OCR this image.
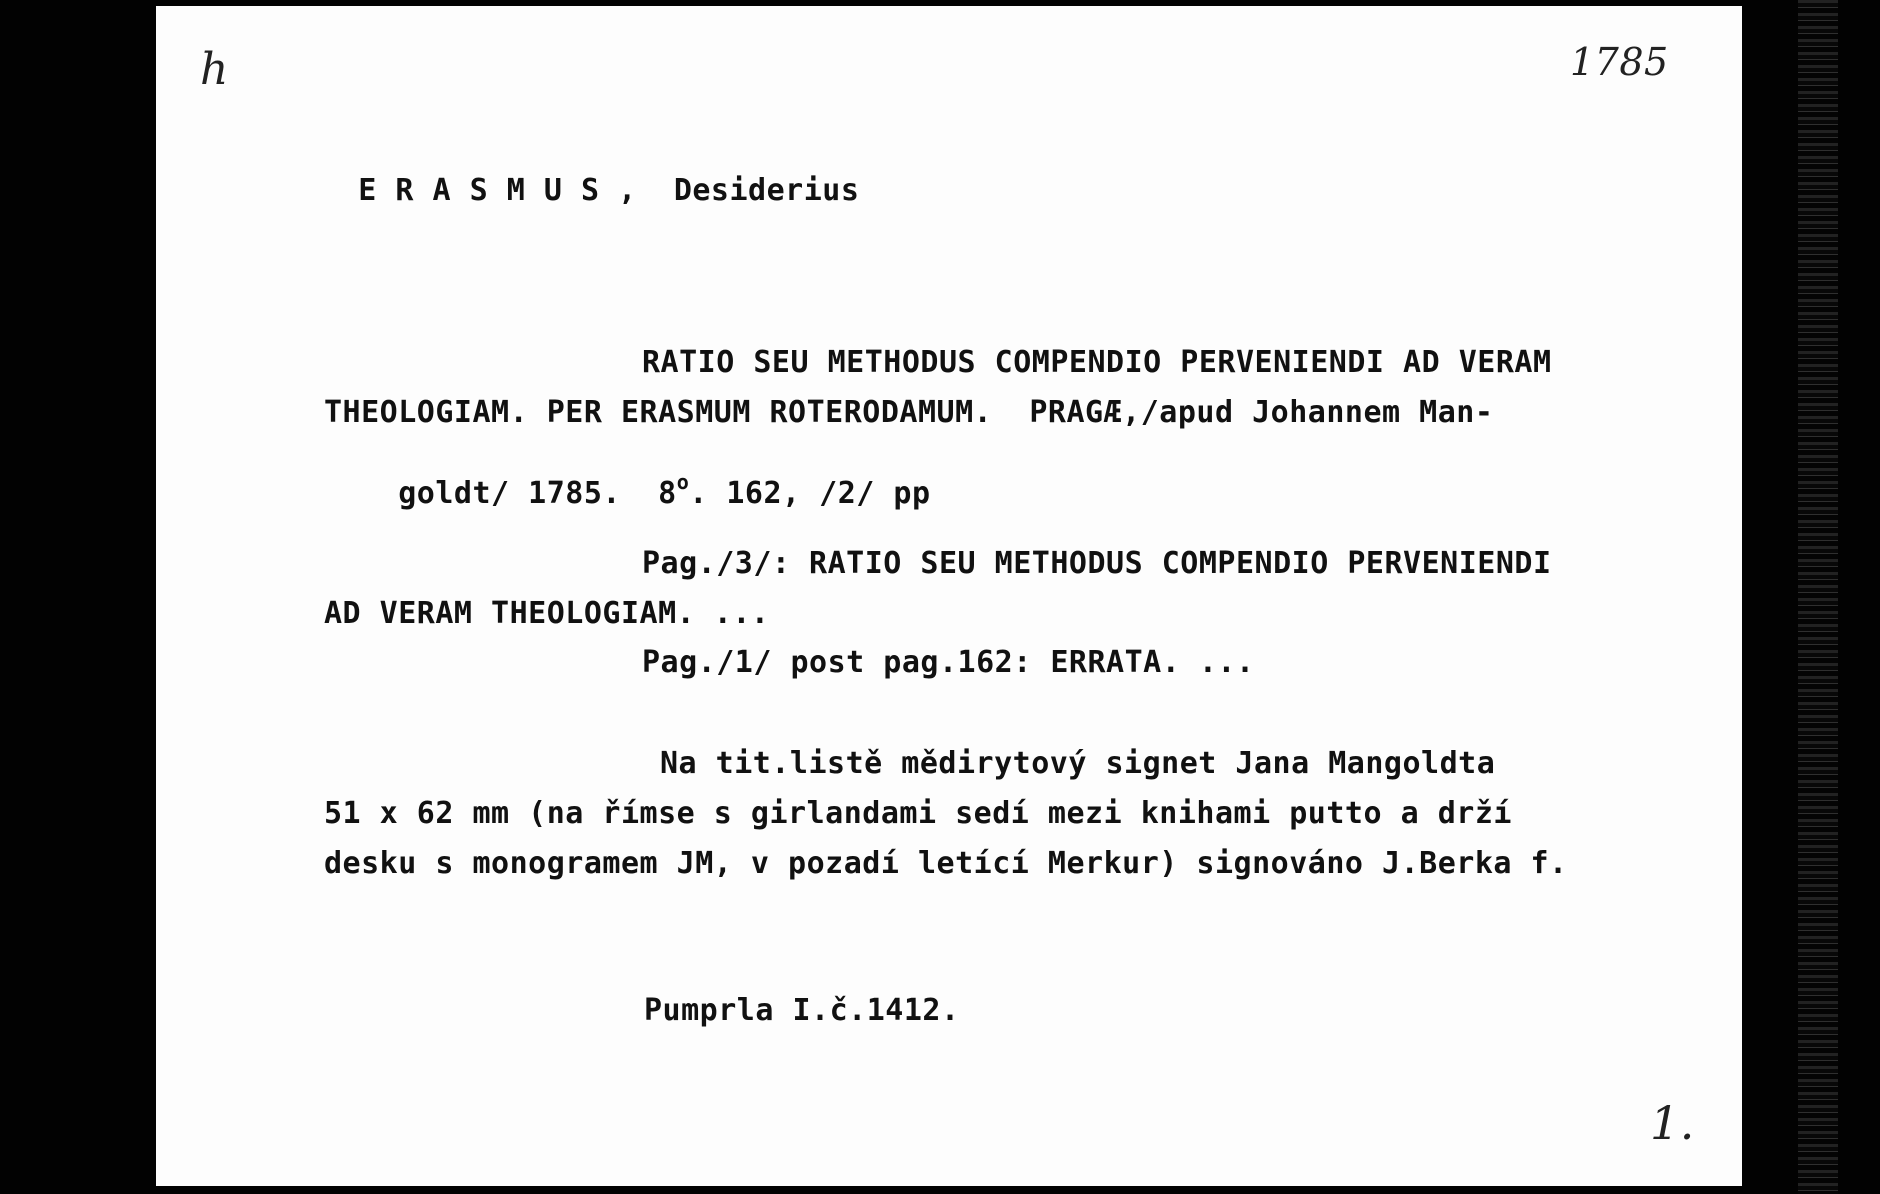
h

	1785

E R A S M U S , Desiderius

RATIO SEU METHODUS COMPENDIO PERVENIENDI AD VERAM

THEOLOGIAM. PER ERASMUM ROTERODAMUM.  PRAGÆ,/apud Johannem Man-

goldt/ 1785.  8$^o$. 162, /2/ pp

Pag./3/: RATIO SEU METHODUS COMPENDIO PERVENIENDI

AD VERAM THEOLOGIAM. ...

Pag./1/ post pag.162: ERRATA. ...

Na tit.listě mědirytový signet Jana Mangoldta

51 x 62 mm (na římse s girlandami sedí mezi knihami putto a drží

desku s monogramem JM, v pozadí letící Merkur) signováno J.Berka f.

Pumprla I.č.1412.

1.
